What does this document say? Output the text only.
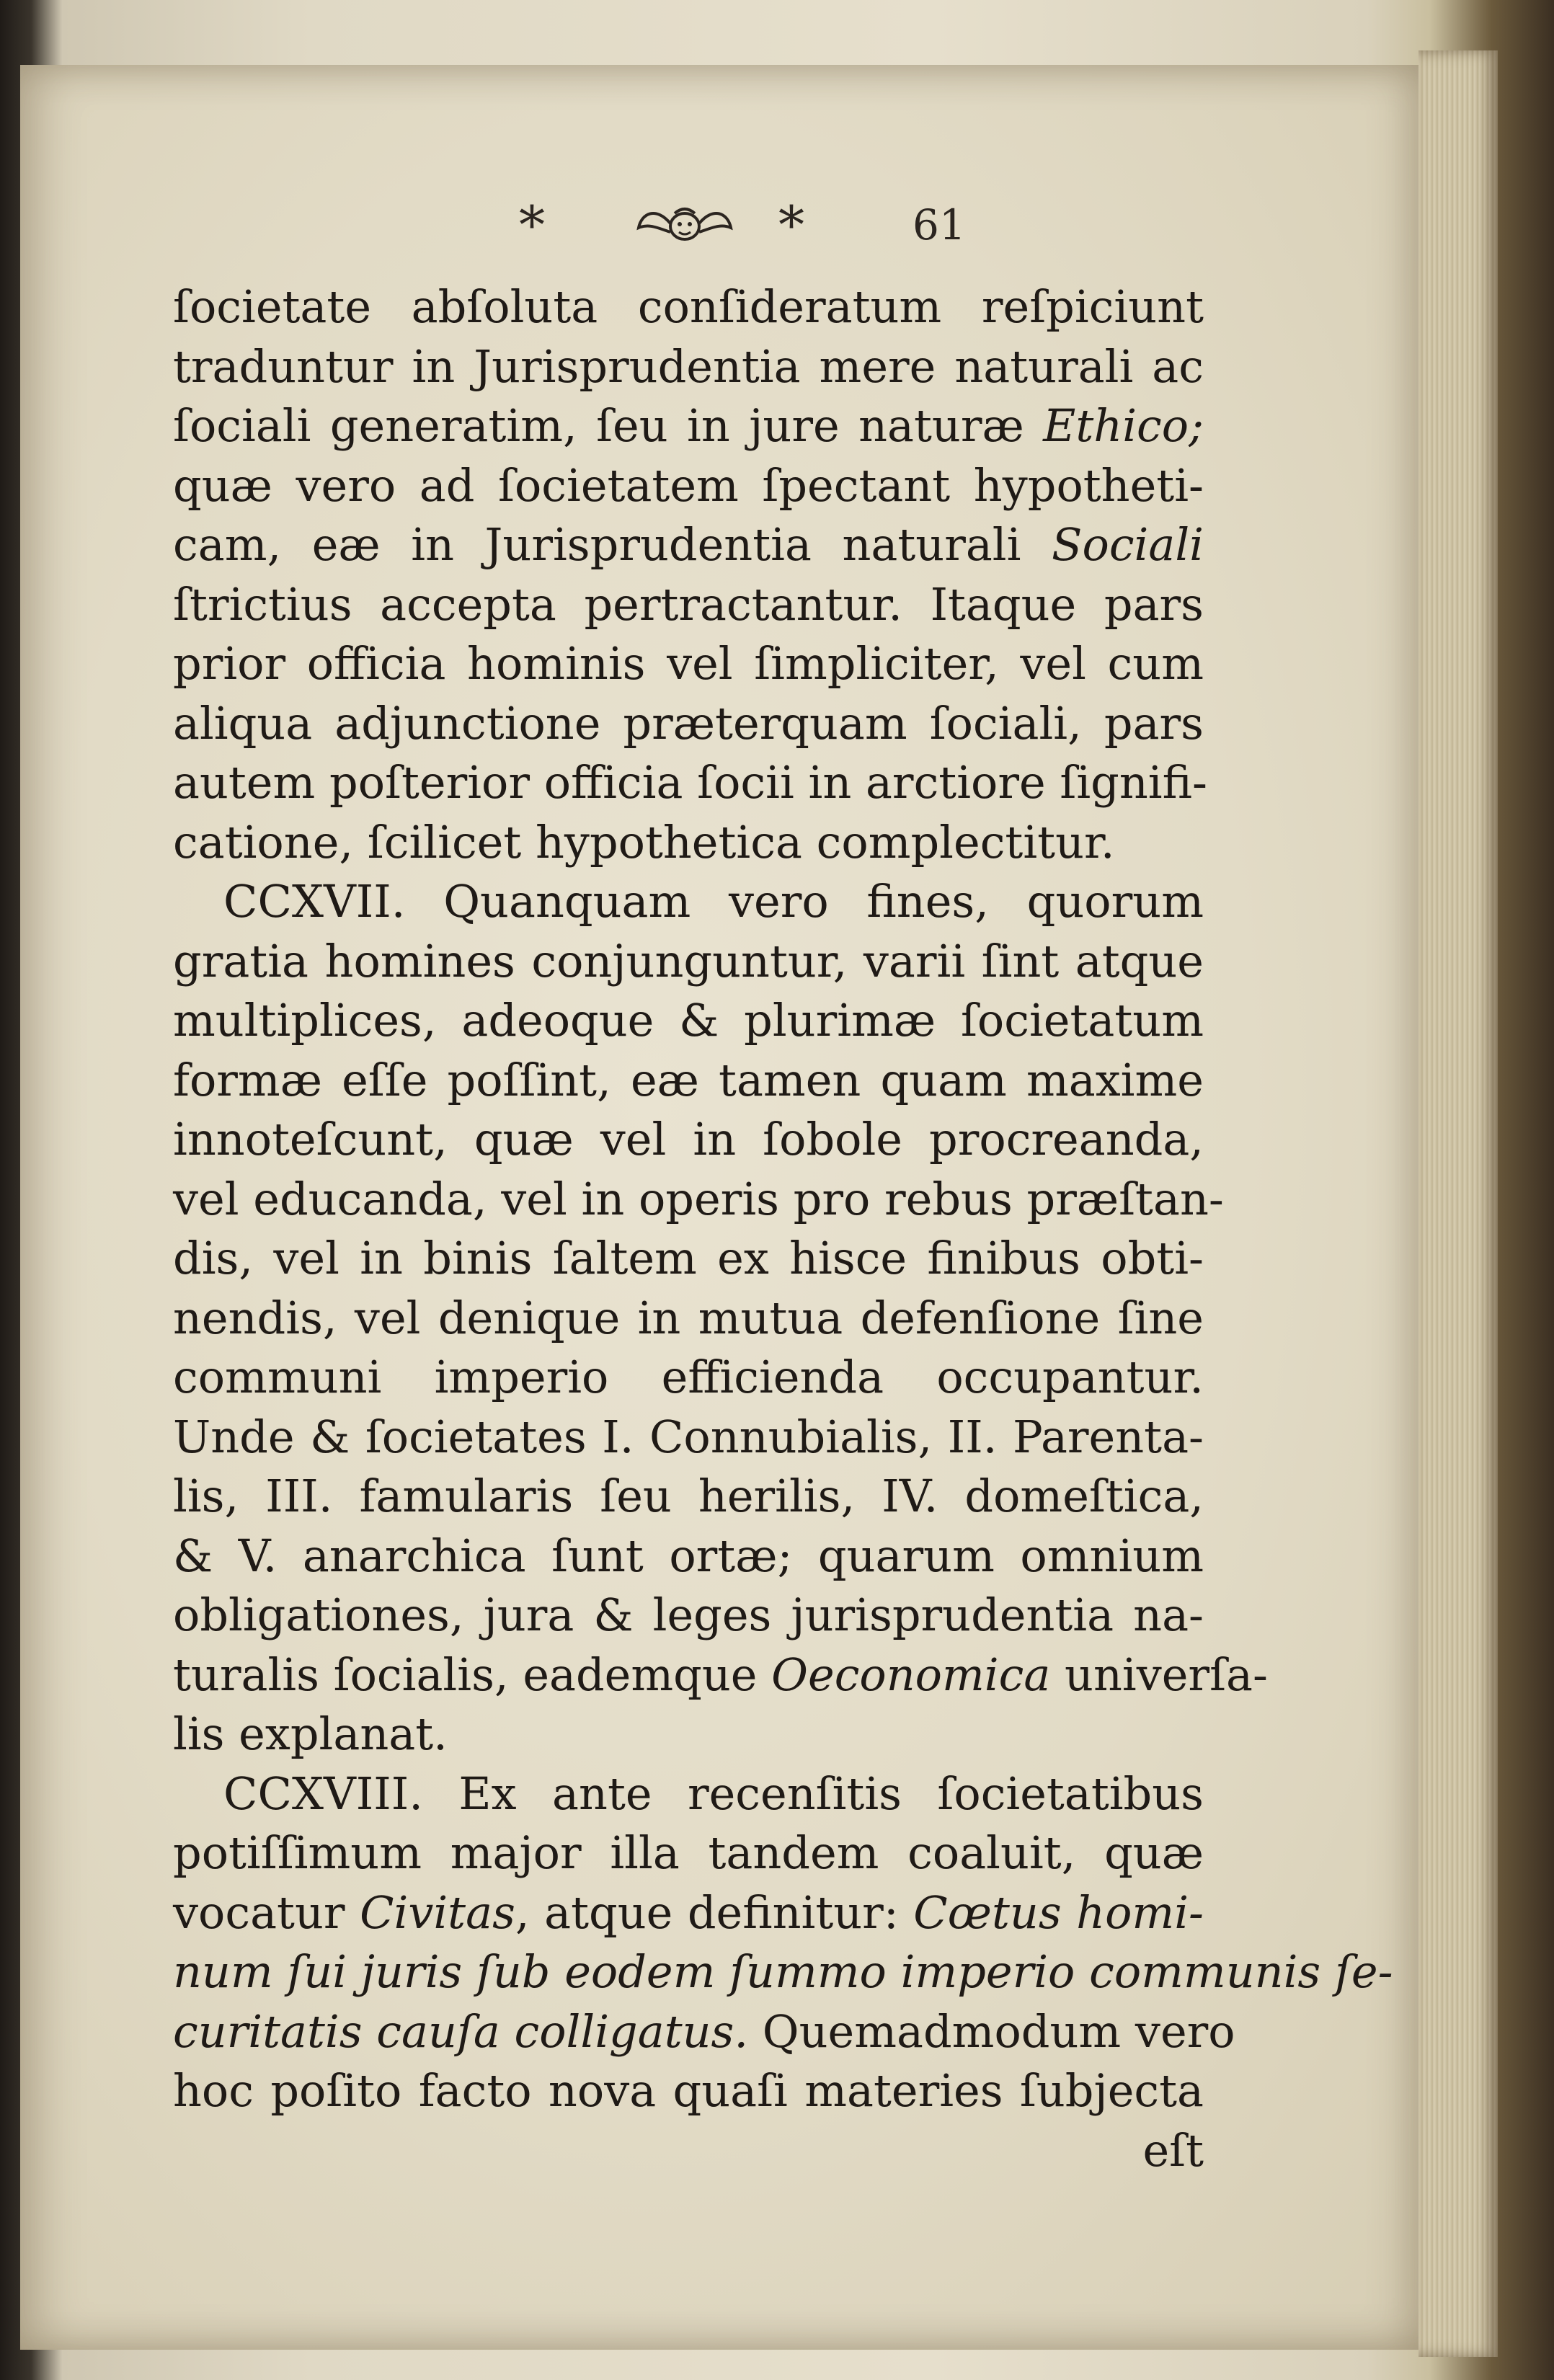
*	*	61
ſocietate abſoluta conſideratum reſpiciunt
traduntur in Jurisprudentia mere naturali ac
ſociali generatim, ſeu in jure naturæ Ethico;
quæ vero ad ſocietatem ſpectant hypotheti-
cam, eæ in Jurisprudentia naturali Sociali
ſtrictius accepta pertractantur. Itaque pars
prior officia hominis vel ſimpliciter, vel cum
aliqua adjunctione præterquam ſociali, pars
autem poſterior officia ſocii in arctiore ſignifi-
catione, ſcilicet hypothetica complectitur.
CCXVII. Quanquam vero fines, quorum
gratia homines conjunguntur, varii ſint atque
multiplices, adeoque & plurimæ ſocietatum
formæ eſſe poſſint, eæ tamen quam maxime
innoteſcunt, quæ vel in ſobole procreanda,
vel educanda, vel in operis pro rebus præſtan-
dis, vel in binis ſaltem ex hisce finibus obti-
nendis, vel denique in mutua defenſione ſine
communi imperio efficienda occupantur.
Unde & ſocietates I. Connubialis, II. Parenta-
lis, III. famularis ſeu herilis, IV. domeſtica,
& V. anarchica ſunt ortæ; quarum omnium
obligationes, jura & leges jurisprudentia na-
turalis ſocialis, eademque Oeconomica univerſa-
lis explanat.
CCXVIII. Ex ante recenſitis ſocietatibus
potiſſimum major illa tandem coaluit, quæ
vocatur Civitas, atque definitur: Cœtus homi-
num ſui juris ſub eodem ſummo imperio communis ſe-
curitatis cauſa colligatus. Quemadmodum vero
hoc poſito facto nova quaſi materies ſubjecta
eſt
